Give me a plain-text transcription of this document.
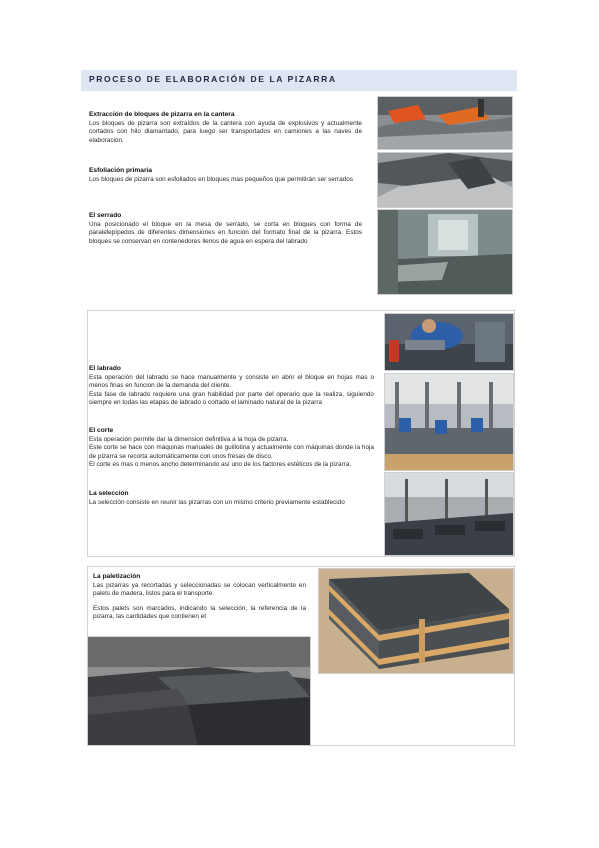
PROCESO DE ELABORACIÓN DE LA PIZARRA
Extracción de bloques de pizarra en la cantera

Los bloques de pizarra son extraídos de la cantera con ayuda de explosivos y actualmente cortados con hilo diamantado, para luego ser transportados en camiones a las naves de elaboración.

Esfoliación primaria

Los bloques de pizarra son esfoliados en bloques mas pequeños que permitirán ser serrados

El serrado

Una posicionado el bloque en la mesa de serrado, se corta en bloques con forma de paralelepípedos de diferentes dimensiones en función del formato final de la pizarra. Estos bloques se conservan en contenedores llenos de agua en espera del labrado

El labrado

Esta operación del labrado se hace manualmente y consiste en abrir el bloque en hojas mas o menos finas en funcion de la demanda del cliente.

Esta fase de labrado requiere una gran habilidad por parte del operario que la realiza, siguiendo siempre en todas las etapas de labrado o cortado el laminado natural de la pizarra

El corte

Esta operación permite dar la dimension definitiva a la hoja de pizarra.

Este corte se hace con máquinas manuales de guillotina y actualmente con máquinas donde la hoja de pizarra se recorta automáticamente con unos fresas de disco.

El corte es mas o menos ancho determinando así uno de los factores estéticos de la pizarra.

La selección

La selección consiste en reunir las pizarras con un mismo criterio previamente establecido

La paletización

Las pizarras ya recortadas y seleccionadas se colocan verticalmente en palets de madera, listos para el transporte.

Estos palets son marcados, indicando la selección, la referencia de la pizarra, las cantidades que contienen et
